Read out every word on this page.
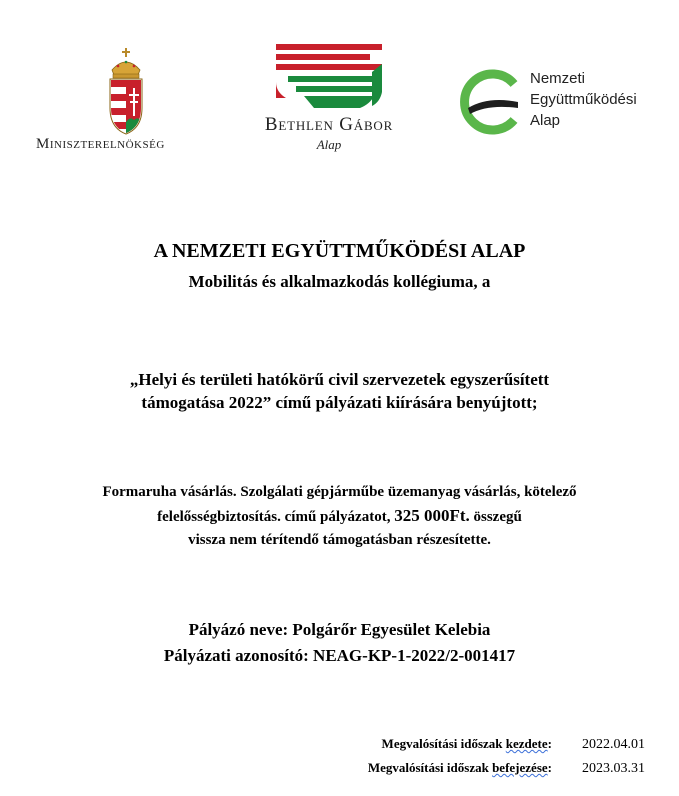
Miniszterelnökség
Bethlen Gábor
Alap
Nemzeti
Együttműködési
Alap
A NEMZETI EGYÜTTMŰKÖDÉSI ALAP
Mobilitás és alkalmazkodás kollégiuma, a
„Helyi és területi hatókörű civil szervezetek egyszerűsített
támogatása 2022” című pályázati kiírására benyújtott;
Formaruha vásárlás. Szolgálati gépjárműbe üzemanyag vásárlás, kötelező
felelősségbiztosítás. című pályázatot, 325 000Ft. összegű
vissza nem térítendő támogatásban részesítette.
Pályázó neve: Polgárőr Egyesület Kelebia
Pályázati azonosító: NEAG-KP-1-2022/2-001417
Megvalósítási időszak kezdete: 2022.04.01
Megvalósítási időszak befejezése: 2023.03.31
